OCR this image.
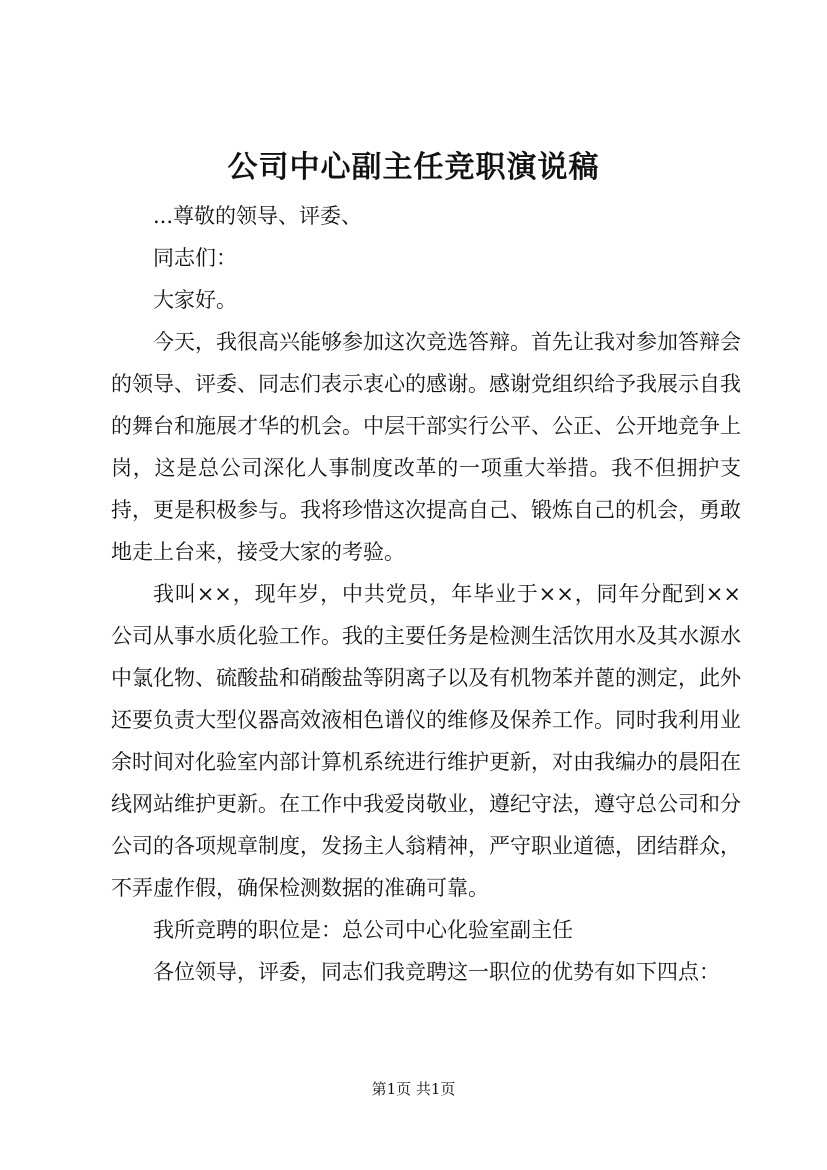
公司中心副主任竞职演说稿

...尊敬的领导、评委、

同志们：

大家好。

今天，我很高兴能够参加这次竞选答辩。首先让我对参加答辩会的领导、评委、同志们表示衷心的感谢。感谢党组织给予我展示自我的舞台和施展才华的机会。中层干部实行公平、公正、公开地竞争上岗，这是总公司深化人事制度改革的一项重大举措。我不但拥护支持，更是积极参与。我将珍惜这次提高自己、锻炼自己的机会，勇敢地走上台来，接受大家的考验。

我叫××，现年岁，中共党员，年毕业于××，同年分配到××公司从事水质化验工作。我的主要任务是检测生活饮用水及其水源水中氯化物、硫酸盐和硝酸盐等阴离子以及有机物苯并蓖的测定，此外还要负责大型仪器高效液相色谱仪的维修及保养工作。同时我利用业余时间对化验室内部计算机系统进行维护更新，对由我编办的晨阳在线网站维护更新。在工作中我爱岗敬业，遵纪守法，遵守总公司和分公司的各项规章制度，发扬主人翁精神，严守职业道德，团结群众，不弄虚作假，确保检测数据的准确可靠。

我所竞聘的职位是：总公司中心化验室副主任

各位领导，评委，同志们我竞聘这一职位的优势有如下四点：

第1页 共1页
